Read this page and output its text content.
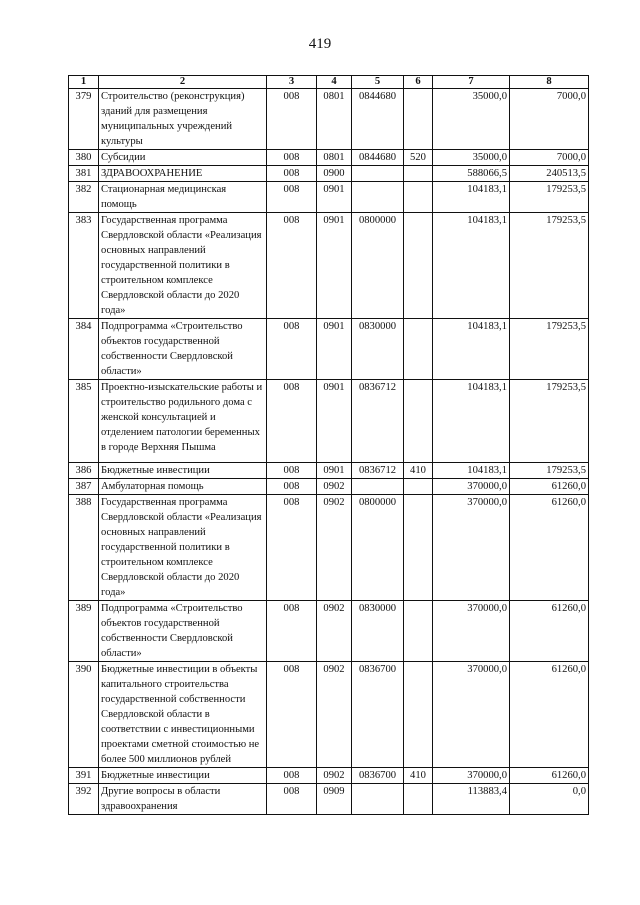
419
1	2	3	4	5	6	7	8
379	Строительство (реконструкция) зданий для размещения муниципальных учреждений культуры	008	0801	0844680		35000,0	7000,0
380	Субсидии	008	0801	0844680	520	35000,0	7000,0
381	ЗДРАВООХРАНЕНИЕ	008	0900			588066,5	240513,5
382	Стационарная медицинская помощь	008	0901			104183,1	179253,5
383	Государственная программа Свердловской области «Реализация основных направлений государственной политики в строительном комплексе Свердловской области до 2020 года»	008	0901	0800000		104183,1	179253,5
384	Подпрограмма «Строительство объектов государственной собственности Свердловской области»	008	0901	0830000		104183,1	179253,5
385	Проектно-изыскательские работы и строительство родильного дома с женской консультацией и отделением патологии беременных в городе Верхняя Пышма	008	0901	0836712		104183,1	179253,5
386	Бюджетные инвестиции	008	0901	0836712	410	104183,1	179253,5
387	Амбулаторная помощь	008	0902			370000,0	61260,0
388	Государственная программа Свердловской области «Реализация основных направлений государственной политики в строительном комплексе Свердловской области до 2020 года»	008	0902	0800000		370000,0	61260,0
389	Подпрограмма «Строительство объектов государственной собственности Свердловской области»	008	0902	0830000		370000,0	61260,0
390	Бюджетные инвестиции в объекты капитального строительства государственной собственности Свердловской области в соответствии с инвестиционными проектами сметной стоимостью не более 500 миллионов рублей	008	0902	0836700		370000,0	61260,0
391	Бюджетные инвестиции	008	0902	0836700	410	370000,0	61260,0
392	Другие вопросы в области здравоохранения	008	0909			113883,4	0,0
